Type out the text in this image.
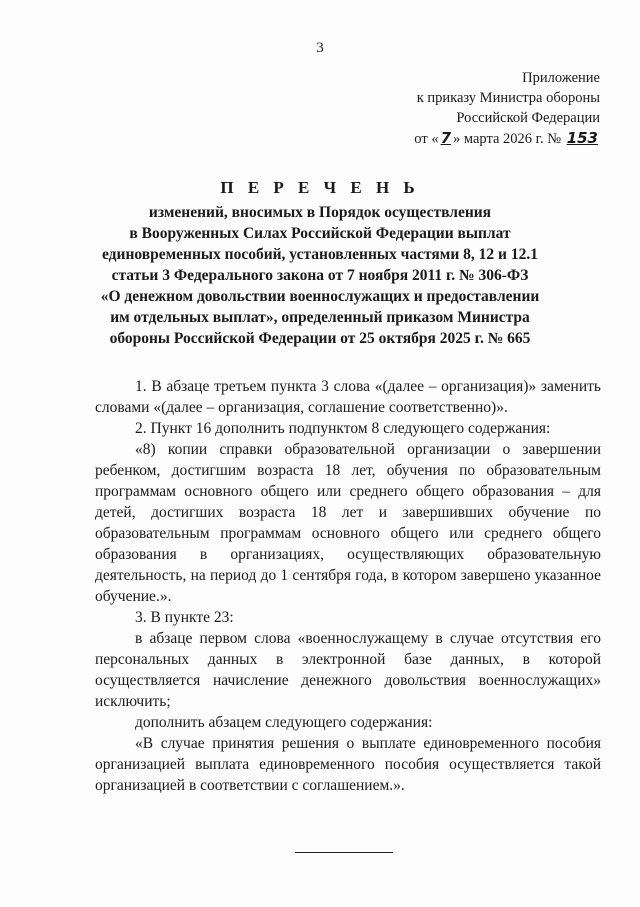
3
Приложение
к приказу Министра обороны
Российской Федерации
от « 7 » марта 2026 г. № 153
П Е Р Е Ч Е Н Ь
изменений, вносимых в Порядок осуществления
в Вооруженных Силах Российской Федерации выплат
единовременных пособий, установленных частями 8, 12 и 12.1
статьи 3 Федерального закона от 7 ноября 2011 г. № 306-ФЗ
«О денежном довольствии военнослужащих и предоставлении
им отдельных выплат», определенный приказом Министра
обороны Российской Федерации от 25 октября 2025 г. № 665

1. В абзаце третьем пункта 3 слова «(далее – организация)» заменить словами «(далее – организация, соглашение соответственно)».

2. Пункт 16 дополнить подпунктом 8 следующего содержания:

«8) копии справки образовательной организации о завершении ребенком, достигшим возраста 18 лет, обучения по образовательным программам основного общего или среднего общего образования – для детей, достигших возраста 18 лет и завершивших обучение по образовательным программам основного общего или среднего общего образования в организациях, осуществляющих образовательную деятельность, на период до 1 сентября года, в котором завершено указанное обучение.».

3. В пункте 23:

в абзаце первом слова «военнослужащему в случае отсутствия его персональных данных в электронной базе данных, в которой осуществляется начисление денежного довольствия военнослужащих» исключить;

дополнить абзацем следующего содержания:

«В случае принятия решения о выплате единовременного пособия организацией выплата единовременного пособия осуществляется такой организацией в соответствии с соглашением.».
